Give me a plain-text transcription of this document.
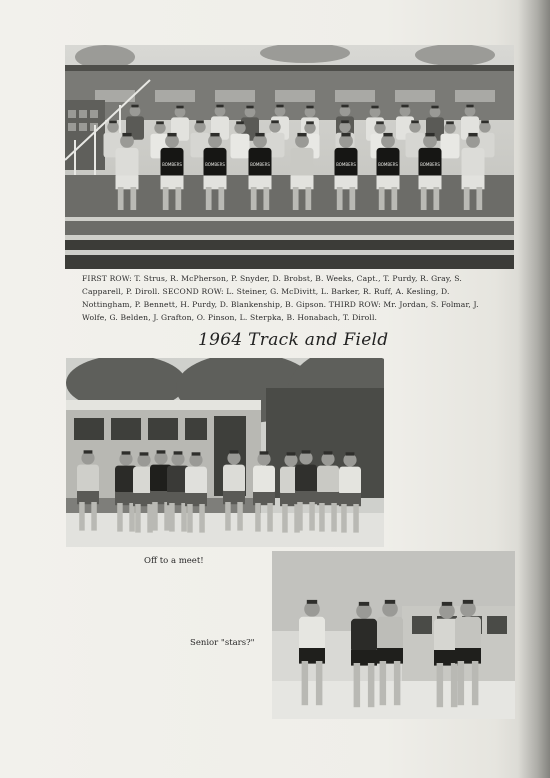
BOMBERS	BOMBERS	BOMBERS	BOMBERS	BOMBERS	BOMBERS
FIRST ROW: T. Strus, R. McPherson, P. Snyder, D. Brobst, B. Weeks, Capt., T. Purdy, R. Gray, S. Capparell, P. Diroll. SECOND ROW: L. Steiner, G. McDivitt, L. Barker, R. Ruff, A. Kesling, D. Nottingham, P. Bennett, H. Purdy, D. Blankenship, B. Gipson. THIRD ROW: Mr. Jordan, S. Folmar, J. Wolfe, G. Belden, J. Grafton, O. Pinson, L. Sterpka, B. Honabach, T. Diroll.
1964 Track and Field
Off to a meet!
Senior "stars?"
